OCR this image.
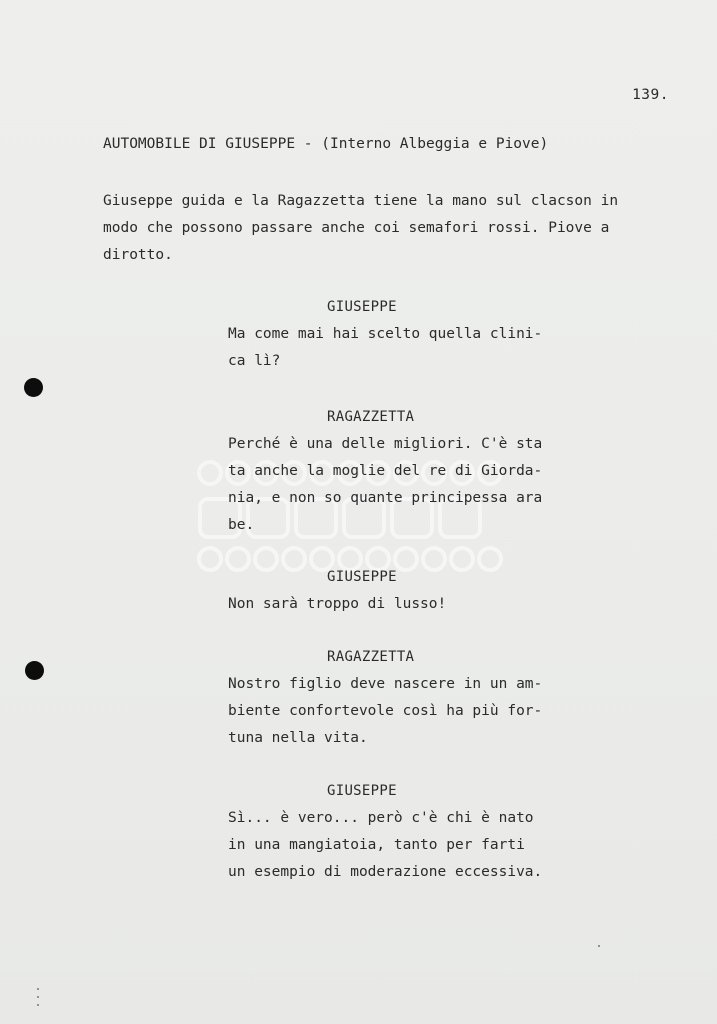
139.
AUTOMOBILE DI GIUSEPPE - (Interno Albeggia e Piove)
Giuseppe guida e la Ragazzetta tiene la mano sul clacson in
modo che possono passare anche coi semafori rossi. Piove a
dirotto.
GIUSEPPE
Ma come mai hai scelto quella clini-
ca lì?
RAGAZZETTA
Perché è una delle migliori. C'è sta
ta anche la moglie del re di Giorda-
nia, e non so quante principessa ara
be.
GIUSEPPE
Non sarà troppo di lusso!
RAGAZZETTA
Nostro figlio deve nascere in un am-
biente confortevole così ha più for-
tuna nella vita.
GIUSEPPE
Sì... è vero... però c'è chi è nato
in una mangiatoia, tanto per farti
un esempio di moderazione eccessiva.
